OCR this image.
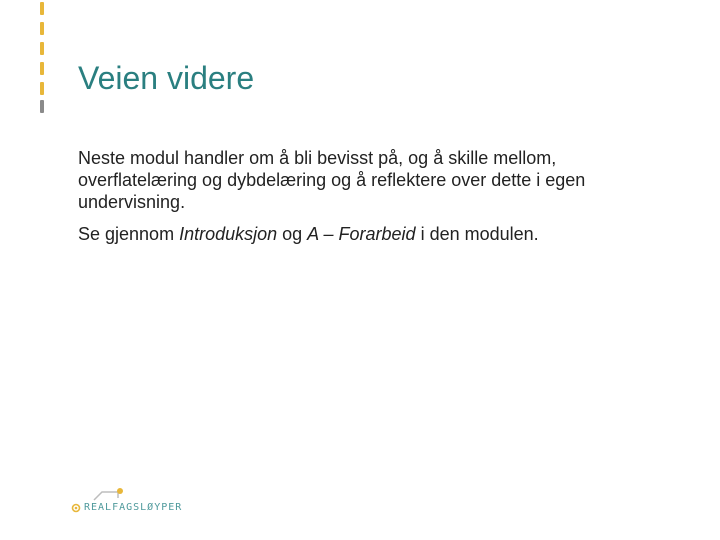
Veien videre

Neste modul handler om å bli bevisst på, og å skille mellom, overflatelæring og dybdelæring og å reflektere over dette i egen undervisning.

Se gjennom Introduksjon og A – Forarbeid i den modulen.

REALFAGSLØYPER
